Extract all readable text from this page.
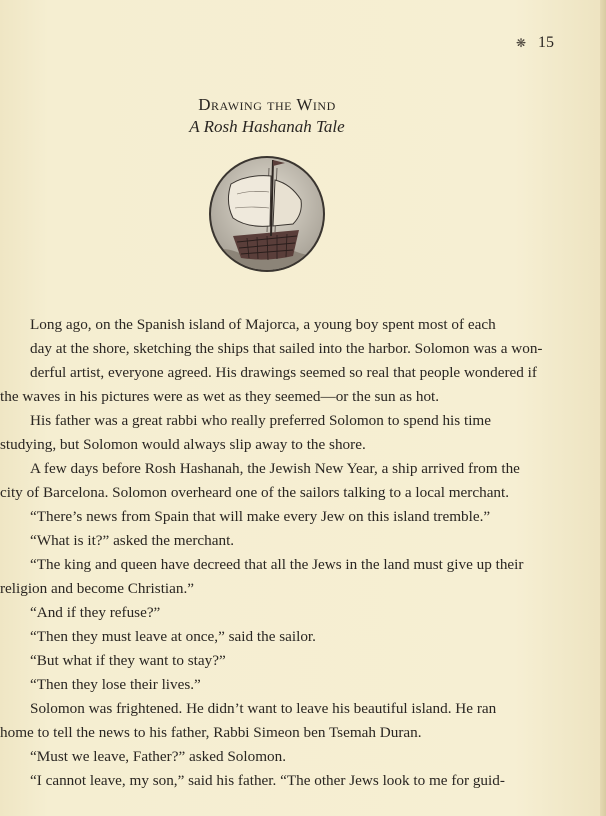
❋ 15
Drawing the Wind
A Rosh Hashanah Tale
Long ago, on the Spanish island of Majorca, a young boy spent most of each
day at the shore, sketching the ships that sailed into the harbor. Solomon was a won-
derful artist, everyone agreed. His drawings seemed so real that people wondered if
the waves in his pictures were as wet as they seemed—or the sun as hot.
His father was a great rabbi who really preferred Solomon to spend his time
studying, but Solomon would always slip away to the shore.
A few days before Rosh Hashanah, the Jewish New Year, a ship arrived from the
city of Barcelona. Solomon overheard one of the sailors talking to a local merchant.
“There’s news from Spain that will make every Jew on this island tremble.”
“What is it?” asked the merchant.
“The king and queen have decreed that all the Jews in the land must give up their
religion and become Christian.”
“And if they refuse?”
“Then they must leave at once,” said the sailor.
“But what if they want to stay?”
“Then they lose their lives.”
Solomon was frightened. He didn’t want to leave his beautiful island. He ran
home to tell the news to his father, Rabbi Simeon ben Tsemah Duran.
“Must we leave, Father?” asked Solomon.
“I cannot leave, my son,” said his father. “The other Jews look to me for guid-
